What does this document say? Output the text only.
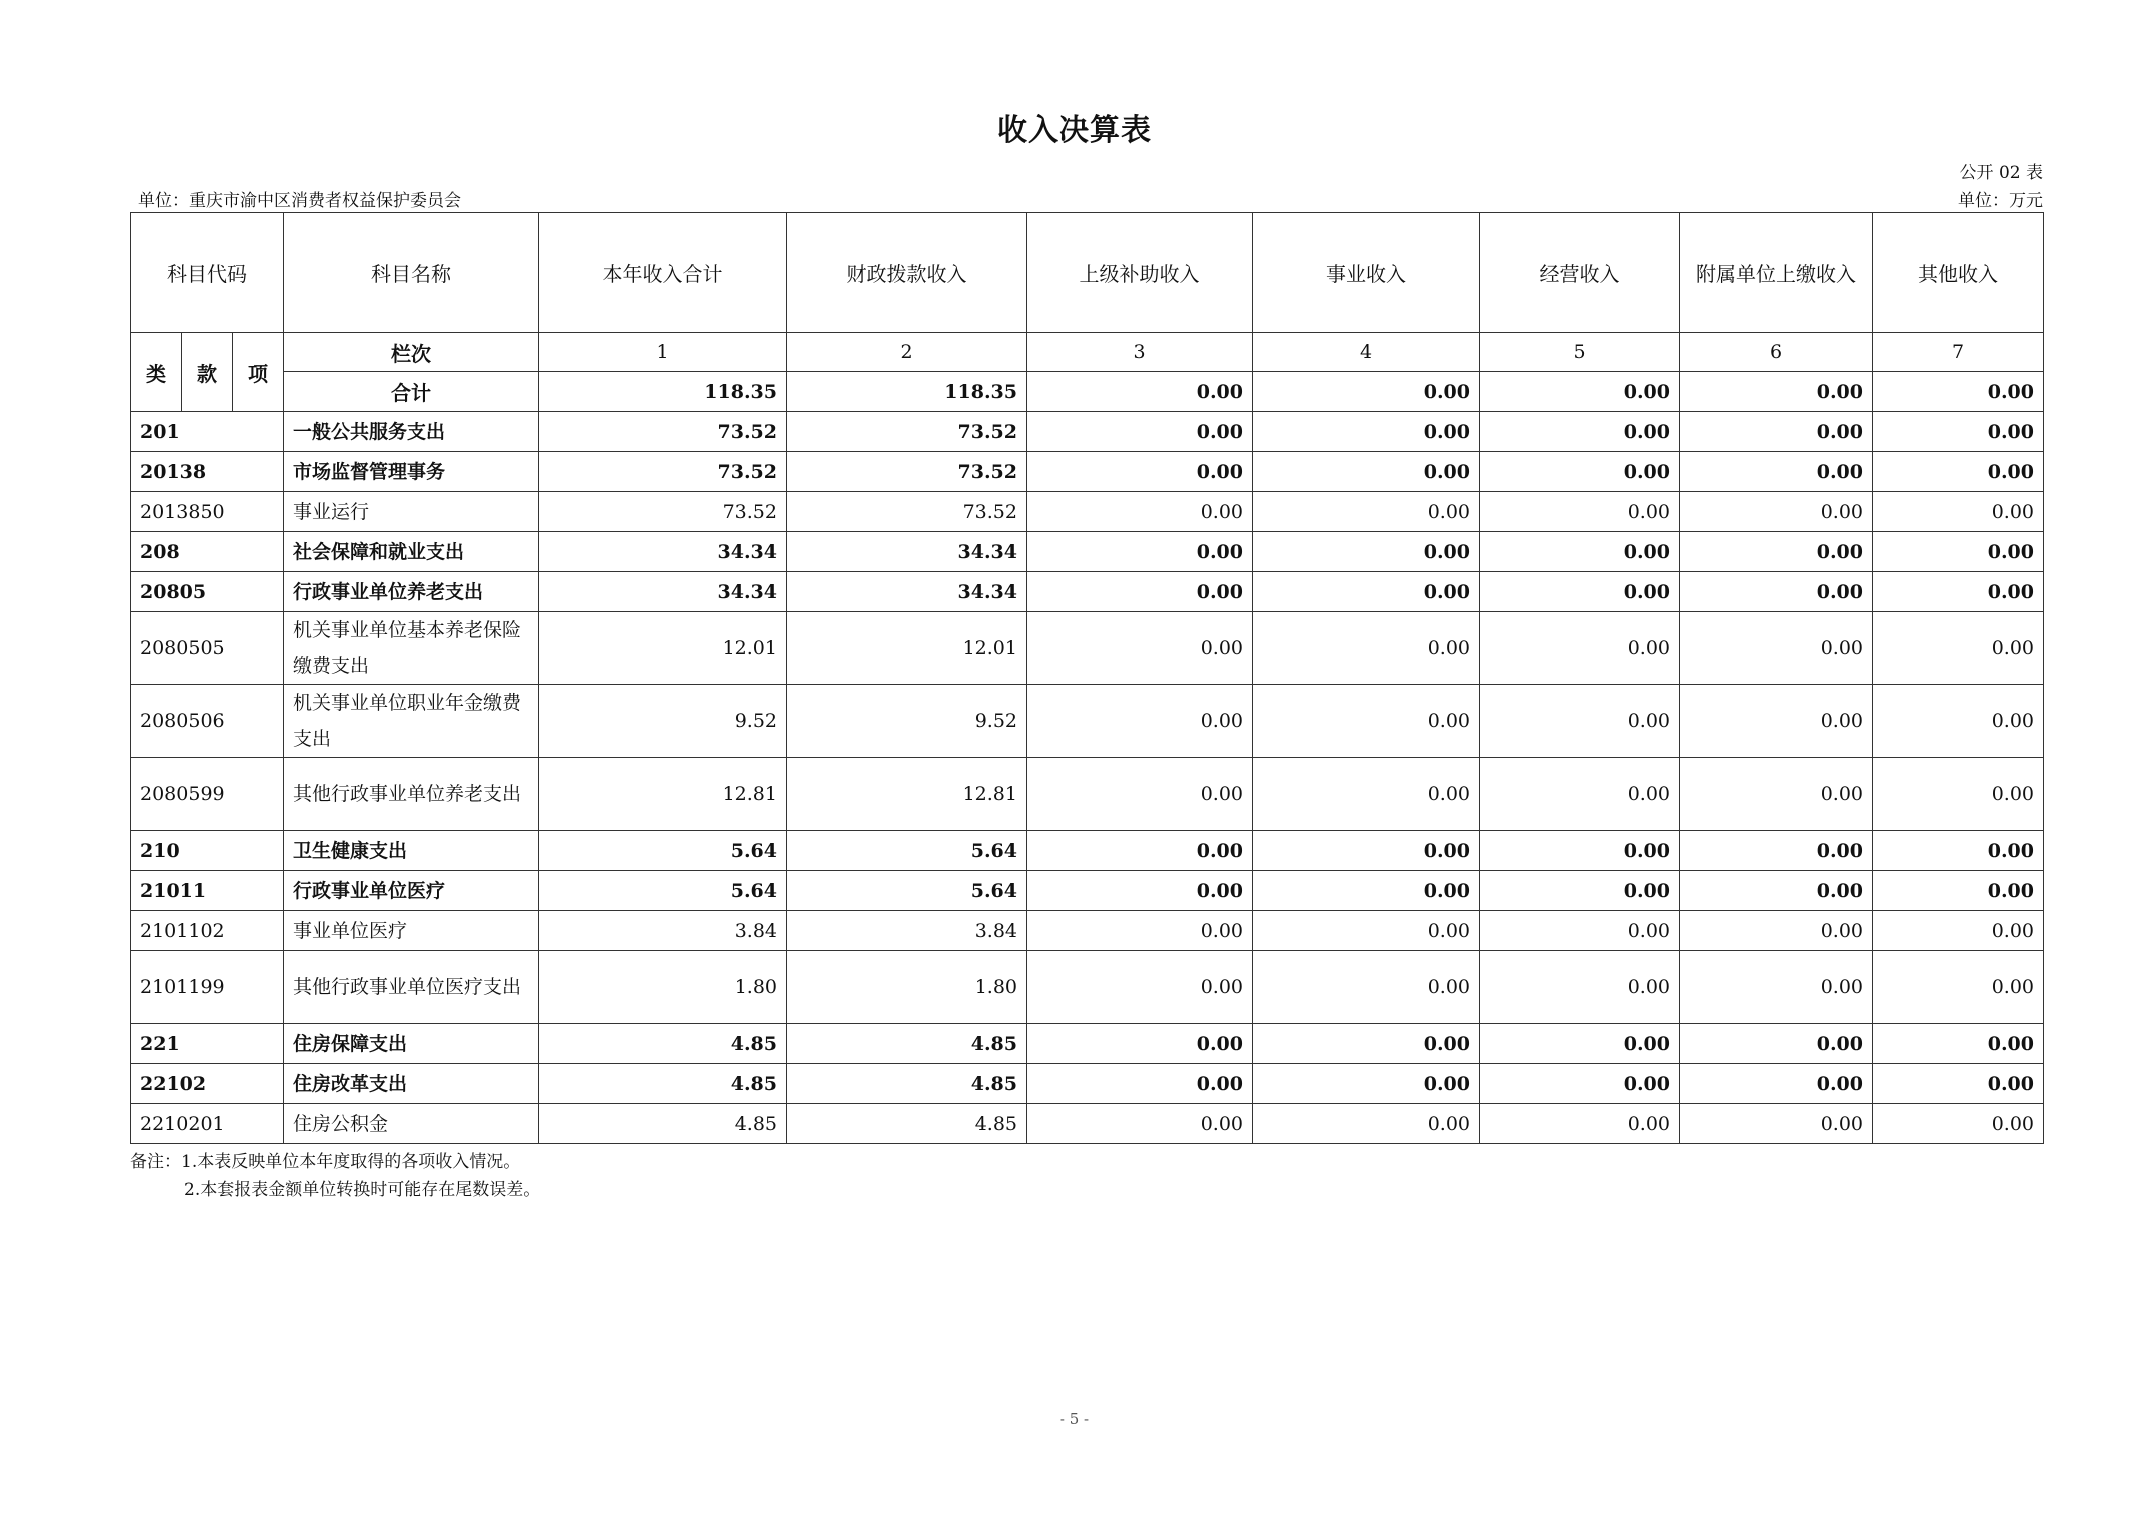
收入决算表
公开 02 表
单位：重庆市渝中区消费者权益保护委员会	单位：万元
科目代码			科目名称	本年收入合计	财政拨款收入	上级补助收入	事业收入	经营收入	附属单位上缴收入	其他收入
类	款	项	栏次	1	2	3	4	5	6	7
			合计	118.35	118.35	0.00	0.00	0.00	0.00	0.00
201			一般公共服务支出	73.52	73.52	0.00	0.00	0.00	0.00	0.00
20138			市场监督管理事务	73.52	73.52	0.00	0.00	0.00	0.00	0.00
2013850			事业运行	73.52	73.52	0.00	0.00	0.00	0.00	0.00
208			社会保障和就业支出	34.34	34.34	0.00	0.00	0.00	0.00	0.00
20805			行政事业单位养老支出	34.34	34.34	0.00	0.00	0.00	0.00	0.00
2080505			机关事业单位基本养老保险缴费支出	12.01	12.01	0.00	0.00	0.00	0.00	0.00
2080506			机关事业单位职业年金缴费支出	9.52	9.52	0.00	0.00	0.00	0.00	0.00
2080599			其他行政事业单位养老支出	12.81	12.81	0.00	0.00	0.00	0.00	0.00
210			卫生健康支出	5.64	5.64	0.00	0.00	0.00	0.00	0.00
21011			行政事业单位医疗	5.64	5.64	0.00	0.00	0.00	0.00	0.00
2101102			事业单位医疗	3.84	3.84	0.00	0.00	0.00	0.00	0.00
2101199			其他行政事业单位医疗支出	1.80	1.80	0.00	0.00	0.00	0.00	0.00
221			住房保障支出	4.85	4.85	0.00	0.00	0.00	0.00	0.00
22102			住房改革支出	4.85	4.85	0.00	0.00	0.00	0.00	0.00
2210201			住房公积金	4.85	4.85	0.00	0.00	0.00	0.00	0.00
备注：1.本表反映单位本年度取得的各项收入情况。
2.本套报表金额单位转换时可能存在尾数误差。
- 5 -
